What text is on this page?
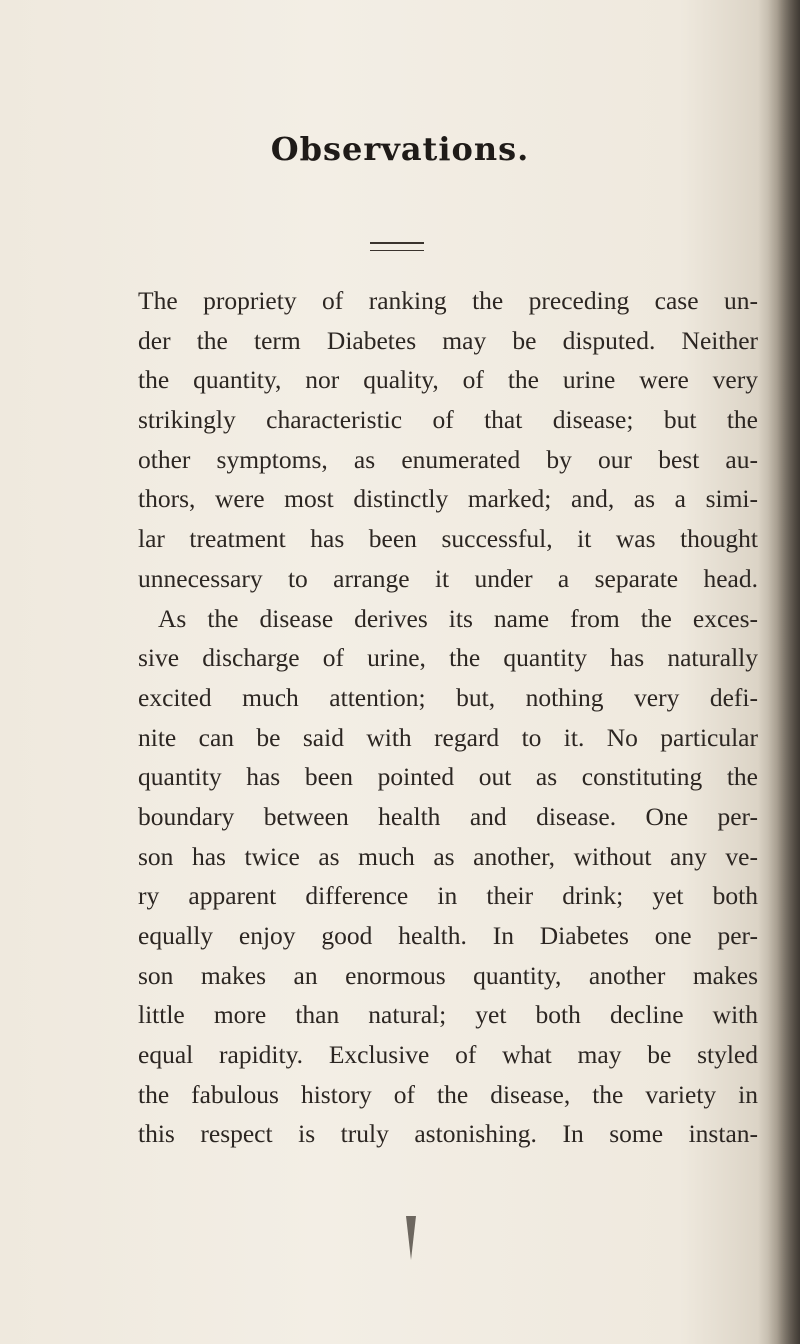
Observations.
The propriety of ranking the preceding case un-
der the term Diabetes may be disputed. Neither
the quantity, nor quality, of the urine were very
strikingly characteristic of that disease; but the
other symptoms, as enumerated by our best au-
thors, were most distinctly marked; and, as a simi-
lar treatment has been successful, it was thought
unnecessary to arrange it under a separate head.
As the disease derives its name from the exces-
sive discharge of urine, the quantity has naturally
excited much attention; but, nothing very defi-
nite can be said with regard to it. No particular
quantity has been pointed out as constituting the
boundary between health and disease. One per-
son has twice as much as another, without any ve-
ry apparent difference in their drink; yet both
equally enjoy good health. In Diabetes one per-
son makes an enormous quantity, another makes
little more than natural; yet both decline with
equal rapidity. Exclusive of what may be styled
the fabulous history of the disease, the variety in
this respect is truly astonishing. In some instan-
